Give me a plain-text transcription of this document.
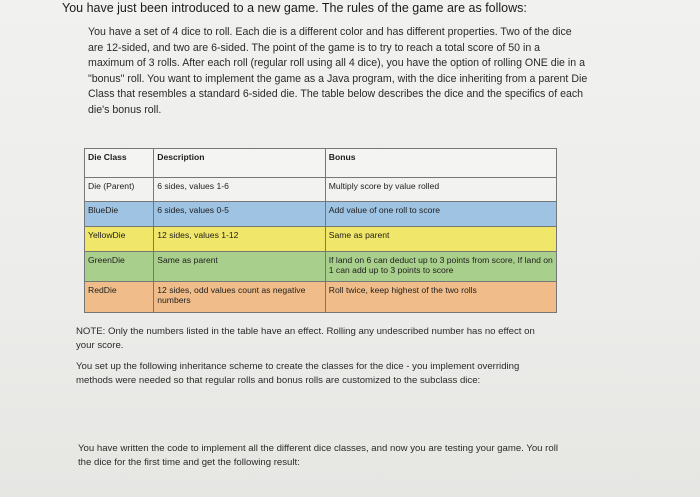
You have just been introduced to a new game. The rules of the game are as follows:
You have a set of 4 dice to roll. Each die is a different color and has different properties. Two of the dice are 12-sided, and two are 6-sided. The point of the game is to try to reach a total score of 50 in a maximum of 3 rolls. After each roll (regular roll using all 4 dice), you have the option of rolling ONE die in a "bonus" roll. You want to implement the game as a Java program, with the dice inheriting from a parent Die Class that resembles a standard 6-sided die. The table below describes the dice and the specifics of each die's bonus roll.
Die Class	Description	Bonus
Die (Parent)	6 sides, values 1-6	Multiply score by value rolled
BlueDie	6 sides, values 0-5	Add value of one roll to score
YellowDie	12 sides, values 1-12	Same as parent
GreenDie	Same as parent	If land on 6 can deduct up to 3 points from score, If land on 1 can add up to 3 points to score
RedDie	12 sides, odd values count as negative numbers	Roll twice, keep highest of the two rolls
NOTE: Only the numbers listed in the table have an effect. Rolling any undescribed number has no effect on your score.
You set up the following inheritance scheme to create the classes for the dice - you implement overriding methods were needed so that regular rolls and bonus rolls are customized to the subclass dice:
You have written the code to implement all the different dice classes, and now you are testing your game. You roll the dice for the first time and get the following result:
